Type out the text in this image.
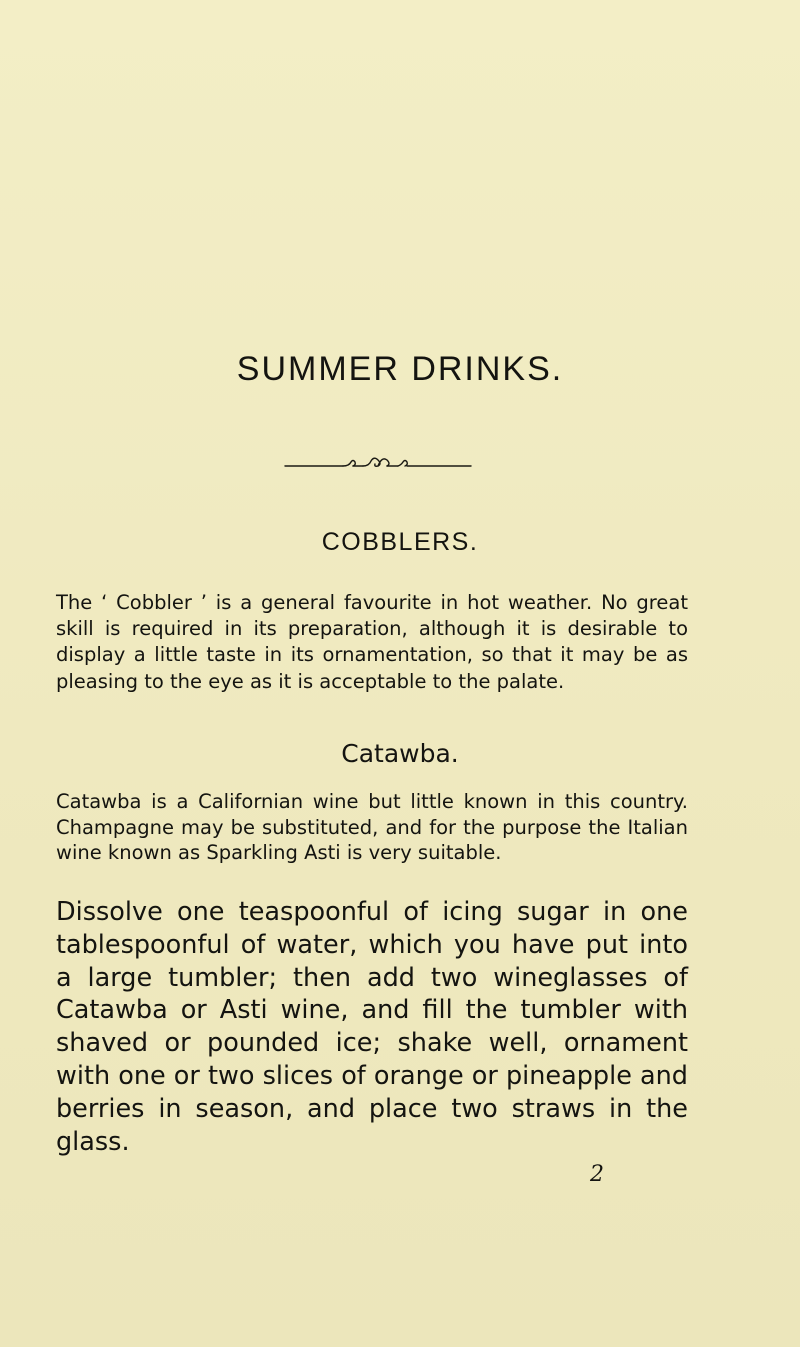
SUMMER DRINKS.
COBBLERS.

The ‘ Cobbler ’ is a general favourite in hot weather. No great skill is required in its preparation, although it is desirable to display a little taste in its ornamentation, so that it may be as pleasing to the eye as it is acceptable to the palate.

Catawba.

Catawba is a Californian wine but little known in this country. Champagne may be substituted, and for the purpose the Italian wine known as Sparkling Asti is very suitable.

Dissolve one teaspoonful of icing sugar in one tablespoonful of water, which you have put into a large tumbler; then add two wineglasses of Catawba or Asti wine, and fill the tumbler with shaved or pounded ice; shake well, ornament with one or two slices of orange or pineapple and berries in season, and place two straws in the glass.

2
